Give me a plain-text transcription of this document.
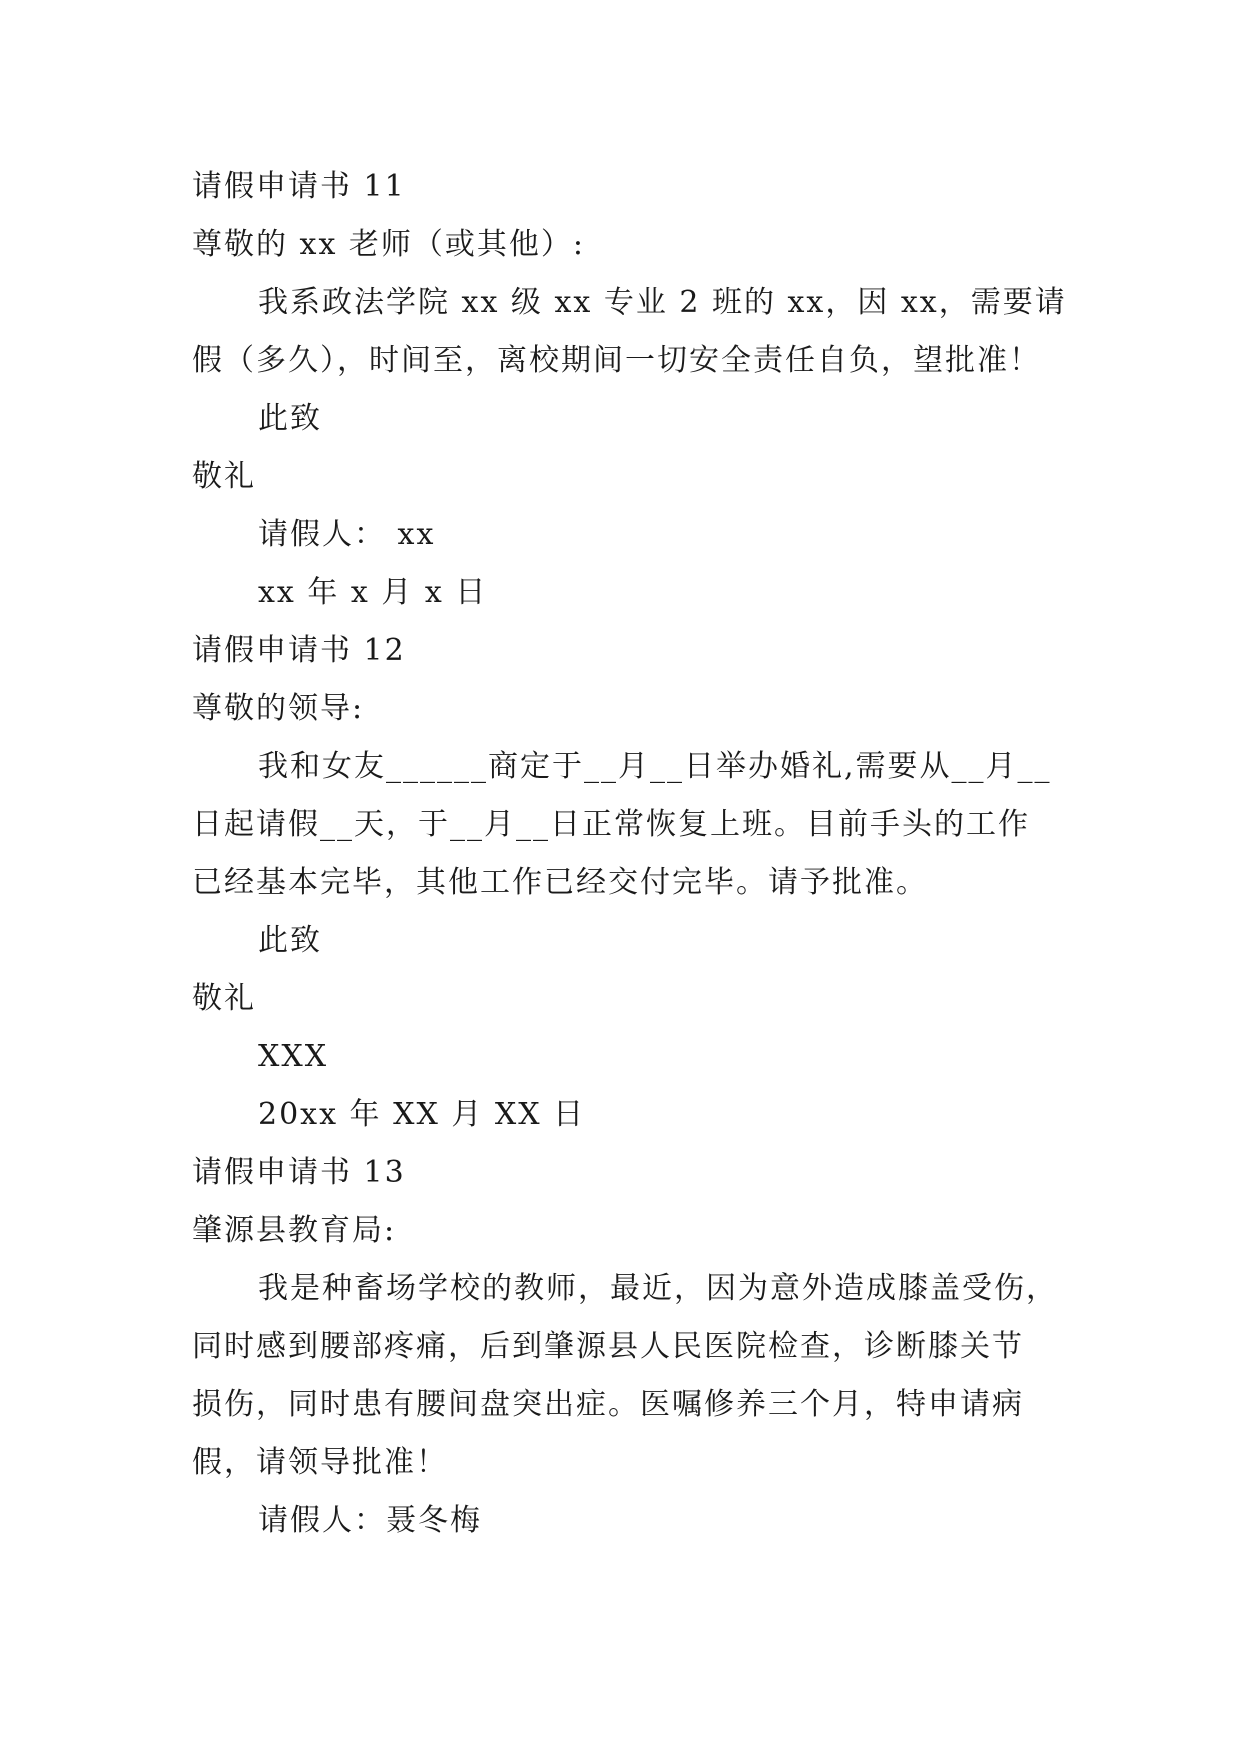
请假申请书 11
尊敬的 xx 老师（或其他）:
我系政法学院 xx 级 xx 专业 2 班的 xx，因 xx，需要请
假（多久），时间至，离校期间一切安全责任自负，望批准！
此致
敬礼
请假人： xx
xx 年 x 月 x 日
请假申请书 12
尊敬的领导:
我和女友______商定于__月__日举办婚礼,需要从__月__
日起请假__天，于__月__日正常恢复上班。目前手头的工作
已经基本完毕，其他工作已经交付完毕。请予批准。
此致
敬礼
XXX
20xx 年 XX 月 XX 日
请假申请书 13
肇源县教育局:
我是种畜场学校的教师，最近，因为意外造成膝盖受伤，
同时感到腰部疼痛，后到肇源县人民医院检查，诊断膝关节
损伤，同时患有腰间盘突出症。医嘱修养三个月，特申请病
假，请领导批准！
请假人：聂冬梅
